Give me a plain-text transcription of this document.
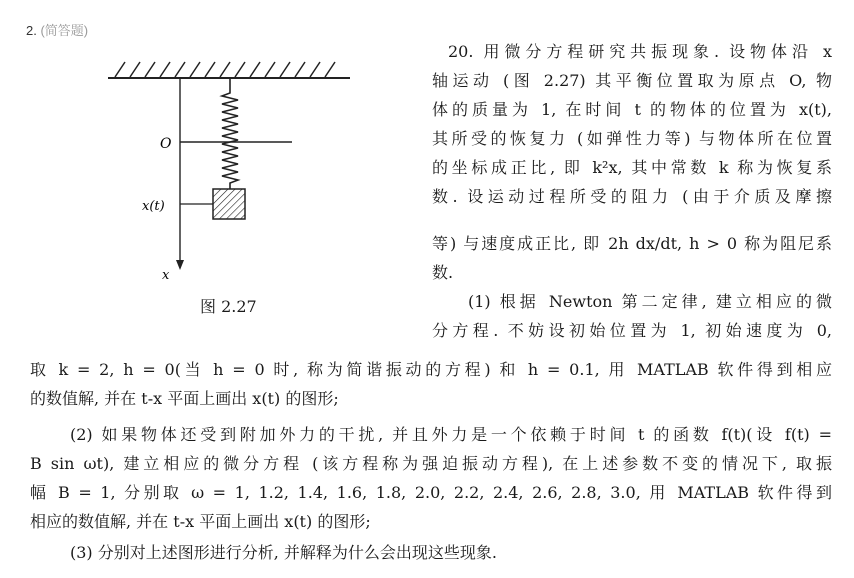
2. (简答题)
O
x(t)
x
图 2.27
20. 用微分方程研究共振现象. 设物体沿 x
轴运动 (图 2.27) 其平衡位置取为原点 O, 物
体的质量为 1, 在时间 t 的物体的位置为 x(t),
其所受的恢复力 (如弹性力等) 与物体所在位置
的坐标成正比, 即 k²x, 其中常数 k 称为恢复系
数. 设运动过程所受的阻力 (由于介质及摩擦
等) 与速度成正比, 即 2h dx/dt, h > 0 称为阻尼系
数.
(1) 根据 Newton 第二定律, 建立相应的微
分方程. 不妨设初始位置为 1, 初始速度为 0,
取 k = 2, h = 0(当 h = 0 时, 称为简谐振动的方程) 和 h = 0.1, 用 MATLAB 软件得到相应
的数值解, 并在 t-x 平面上画出 x(t) 的图形;
(2) 如果物体还受到附加外力的干扰, 并且外力是一个依赖于时间 t 的函数 f(t)(设 f(t) =
B sin ωt), 建立相应的微分方程 (该方程称为强迫振动方程), 在上述参数不变的情况下, 取振
幅 B = 1, 分别取 ω = 1, 1.2, 1.4, 1.6, 1.8, 2.0, 2.2, 2.4, 2.6, 2.8, 3.0, 用 MATLAB 软件得到
相应的数值解, 并在 t-x 平面上画出 x(t) 的图形;
(3) 分别对上述图形进行分析, 并解释为什么会出现这些现象.
